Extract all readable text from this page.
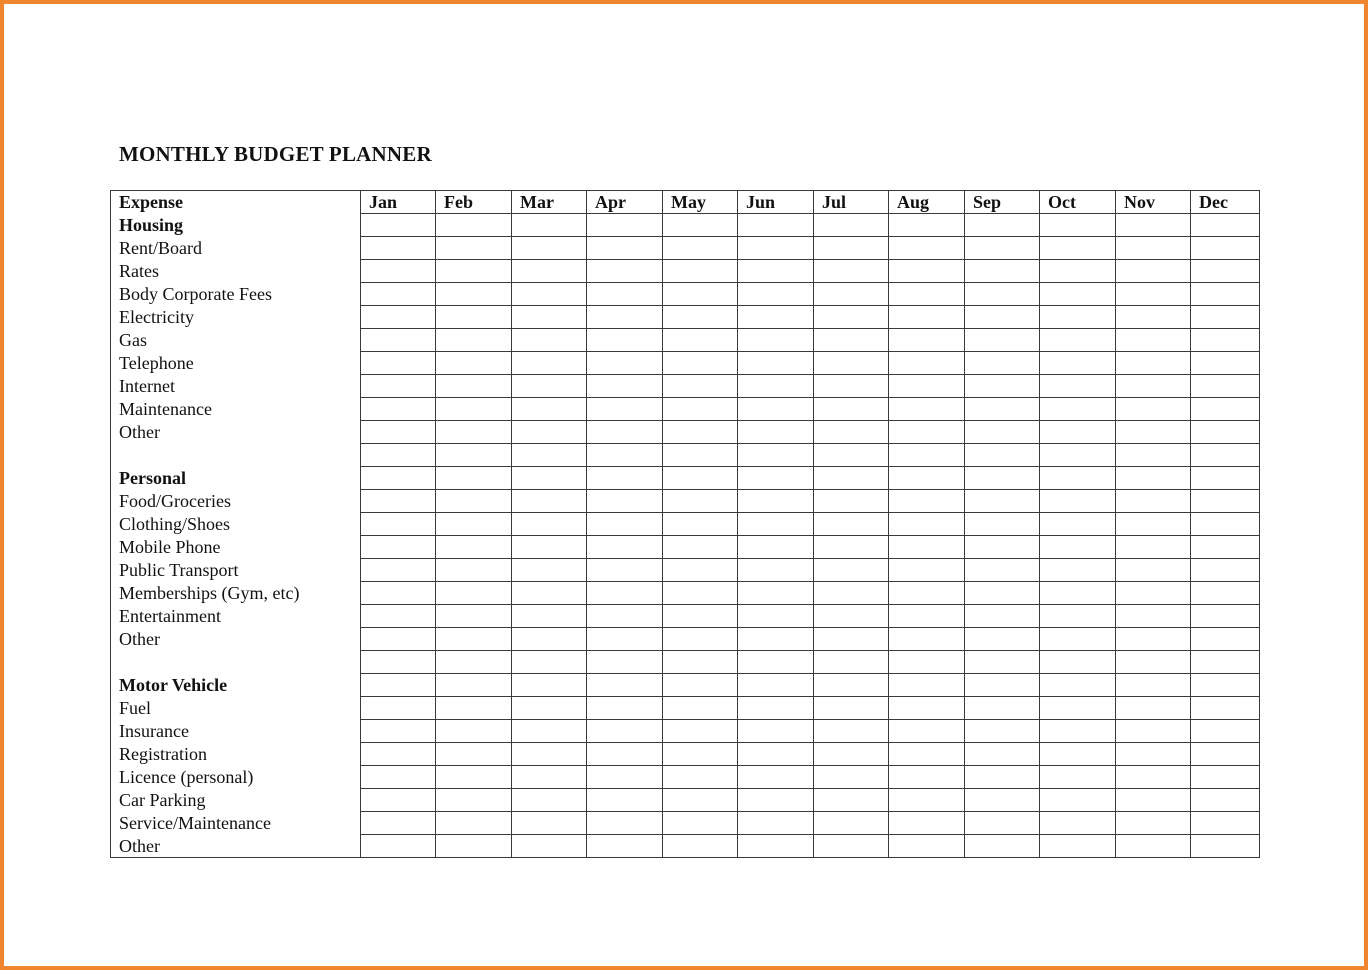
MONTHLY BUDGET PLANNER
Expense	Jan	Feb	Mar	Apr	May	Jun	Jul	Aug	Sep	Oct	Nov	Dec
Housing												
Rent/Board												
Rates												
Body Corporate Fees												
Electricity												
Gas												
Telephone												
Internet												
Maintenance												
Other												

Personal												
Food/Groceries												
Clothing/Shoes												
Mobile Phone												
Public Transport												
Memberships (Gym, etc)												
Entertainment												
Other												

Motor Vehicle												
Fuel												
Insurance												
Registration												
Licence (personal)												
Car Parking												
Service/Maintenance												
Other												
